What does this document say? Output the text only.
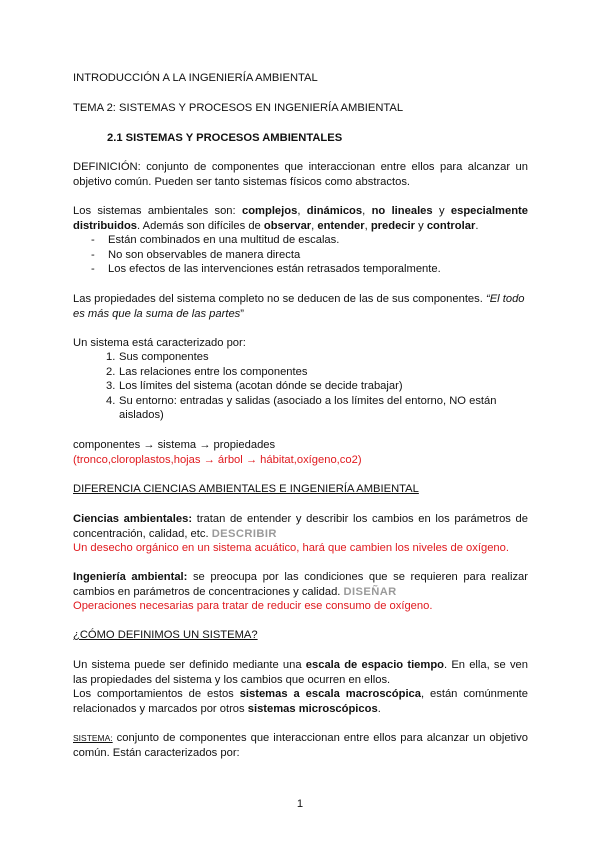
INTRODUCCIÓN A LA INGENIERÍA AMBIENTAL

TEMA 2: SISTEMAS Y PROCESOS EN INGENIERÍA AMBIENTAL

2.1 SISTEMAS Y PROCESOS AMBIENTALES

DEFINICIÓN: conjunto de componentes que interaccionan entre ellos para alcanzar un objetivo común. Pueden ser tanto sistemas físicos como abstractos.

Los sistemas ambientales son: complejos, dinámicos, no lineales y especialmente distribuidos. Además son difíciles de observar, entender, predecir y controlar.

- Están combinados en una multitud de escalas.
- No son observables de manera directa
- Los efectos de las intervenciones están retrasados temporalmente.

Las propiedades del sistema completo no se deducen de las de sus componentes. “El todo es más que la suma de las partes”

Un sistema está caracterizado por:

1. Sus componentes
2. Las relaciones entre los componentes
3. Los límites del sistema (acotan dónde se decide trabajar)
4. Su entorno: entradas y salidas (asociado a los límites del entorno, NO están aislados)

componentes → sistema → propiedades

(tronco,cloroplastos,hojas → árbol → hábitat,oxígeno,co2)

DIFERENCIA CIENCIAS AMBIENTALES E INGENIERÍA AMBIENTAL

Ciencias ambientales: tratan de entender y describir los cambios en los parámetros de concentración, calidad, etc. DESCRIBIR

Un desecho orgánico en un sistema acuático, hará que cambien los niveles de oxígeno.

Ingeniería ambiental: se preocupa por las condiciones que se requieren para realizar cambios en parámetros de concentraciones y calidad. DISEÑAR

Operaciones necesarias para tratar de reducir ese consumo de oxígeno.

¿CÓMO DEFINIMOS UN SISTEMA?

Un sistema puede ser definido mediante una escala de espacio tiempo. En ella, se ven las propiedades del sistema y los cambios que ocurren en ellos.

Los comportamientos de estos sistemas a escala macroscópica, están comúnmente relacionados y marcados por otros sistemas microscópicos.

SISTEMA: conjunto de componentes que interaccionan entre ellos para alcanzar un objetivo común. Están caracterizados por:

1
